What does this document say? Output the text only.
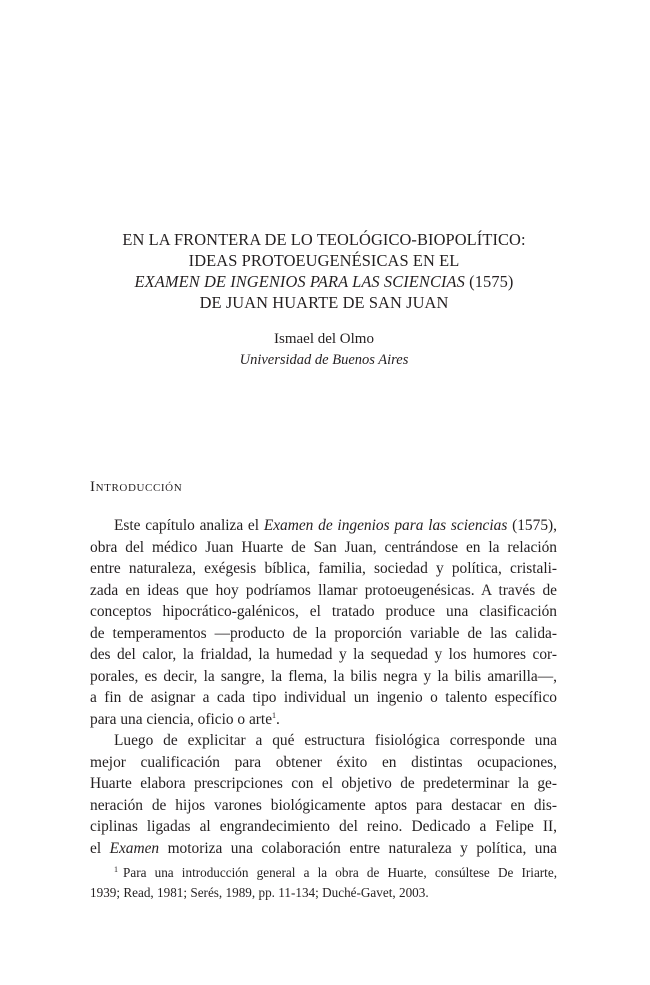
EN LA FRONTERA DE LO TEOLÓGICO-BIOPOLÍTICO:
IDEAS PROTOEUGENÉSICAS EN EL
EXAMEN DE INGENIOS PARA LAS SCIENCIAS (1575)
DE JUAN HUARTE DE SAN JUAN
Ismael del Olmo
Universidad de Buenos Aires
Introducción
Este capítulo analiza el Examen de ingenios para las sciencias (1575),
obra del médico Juan Huarte de San Juan, centrándose en la relación
entre naturaleza, exégesis bíblica, familia, sociedad y política, cristali-
zada en ideas que hoy podríamos llamar protoeugenésicas. A través de
conceptos hipocrático-galénicos, el tratado produce una clasificación
de temperamentos —producto de la proporción variable de las calida-
des del calor, la frialdad, la humedad y la sequedad y los humores cor-
porales, es decir, la sangre, la flema, la bilis negra y la bilis amarilla—,
a fin de asignar a cada tipo individual un ingenio o talento específico
para una ciencia, oficio o arte$^1$.
Luego de explicitar a qué estructura fisiológica corresponde una
mejor cualificación para obtener éxito en distintas ocupaciones,
Huarte elabora prescripciones con el objetivo de predeterminar la ge-
neración de hijos varones biológicamente aptos para destacar en dis-
ciplinas ligadas al engrandecimiento del reino. Dedicado a Felipe II,
el Examen motoriza una colaboración entre naturaleza y política, una
$^1$ Para una introducción general a la obra de Huarte, consúltese De Iriarte,
1939; Read, 1981; Serés, 1989, pp. 11-134; Duché-Gavet, 2003.
